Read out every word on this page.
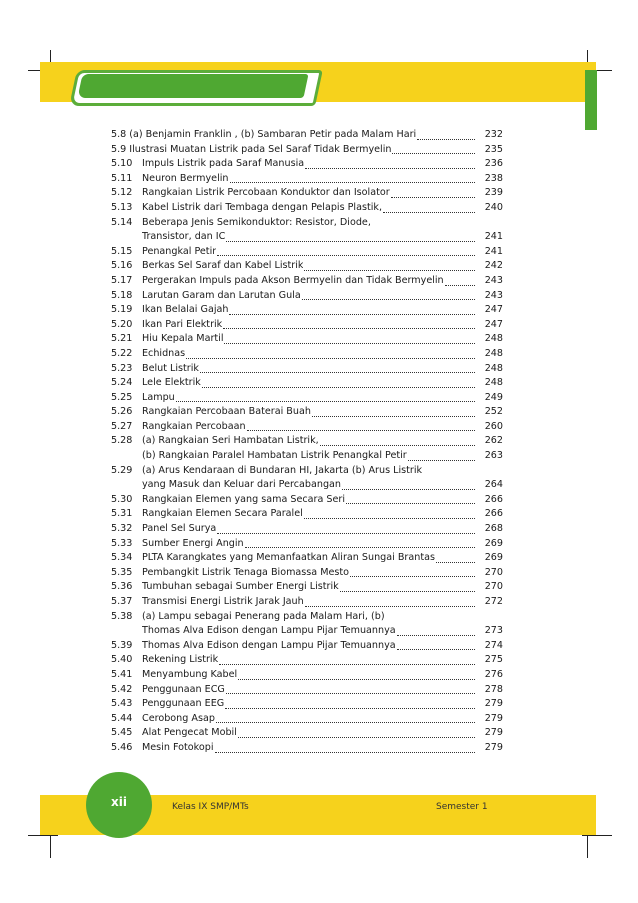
5.8 (a) Benjamin Franklin , (b) Sambaran Petir pada Malam Hari	232
5.9 Ilustrasi Muatan Listrik pada Sel Saraf Tidak Bermyelin	235
5.10	Impuls Listrik pada Saraf Manusia	236
5.11	Neuron Bermyelin	238
5.12	Rangkaian Listrik Percobaan Konduktor dan Isolator	239
5.13	Kabel Listrik dari Tembaga dengan Pelapis Plastik,	240
5.14	Beberapa Jenis Semikonduktor: Resistor, Diode,
Transistor, dan IC	241
5.15	Penangkal Petir	241
5.16	Berkas Sel Saraf dan Kabel Listrik	242
5.17	Pergerakan Impuls pada Akson Bermyelin dan Tidak Bermyelin	243
5.18	Larutan Garam dan Larutan Gula	243
5.19	Ikan Belalai Gajah	247
5.20	Ikan Pari Elektrik	247
5.21	Hiu Kepala Martil	248
5.22	Echidnas	248
5.23	Belut Listrik	248
5.24	Lele Elektrik	248
5.25	Lampu	249
5.26	Rangkaian Percobaan Baterai Buah	252
5.27	Rangkaian Percobaan	260
5.28	(a) Rangkaian Seri Hambatan Listrik,	262
(b) Rangkaian Paralel Hambatan Listrik Penangkal Petir	263
5.29	(a) Arus Kendaraan di Bundaran HI, Jakarta (b) Arus Listrik
yang Masuk dan Keluar dari Percabangan	264
5.30	Rangkaian Elemen yang sama Secara Seri	266
5.31	Rangkaian Elemen Secara Paralel	266
5.32	Panel Sel Surya	268
5.33	Sumber Energi Angin	269
5.34	PLTA Karangkates yang Memanfaatkan Aliran Sungai Brantas	269
5.35	Pembangkit Listrik Tenaga Biomassa Mesto	270
5.36	Tumbuhan sebagai Sumber Energi Listrik	270
5.37	Transmisi Energi Listrik Jarak Jauh	272
5.38	(a) Lampu sebagai Penerang pada Malam Hari, (b)
Thomas Alva Edison dengan Lampu Pijar Temuannya	273
5.39	Thomas Alva Edison dengan Lampu Pijar Temuannya	274
5.40	Rekening Listrik	275
5.41	Menyambung Kabel	276
5.42	Penggunaan ECG	278
5.43	Penggunaan EEG	279
5.44	Cerobong Asap	279
5.45	Alat Pengecat Mobil	279
5.46	Mesin Fotokopi	279
xii	Kelas IX SMP/MTs	Semester 1
